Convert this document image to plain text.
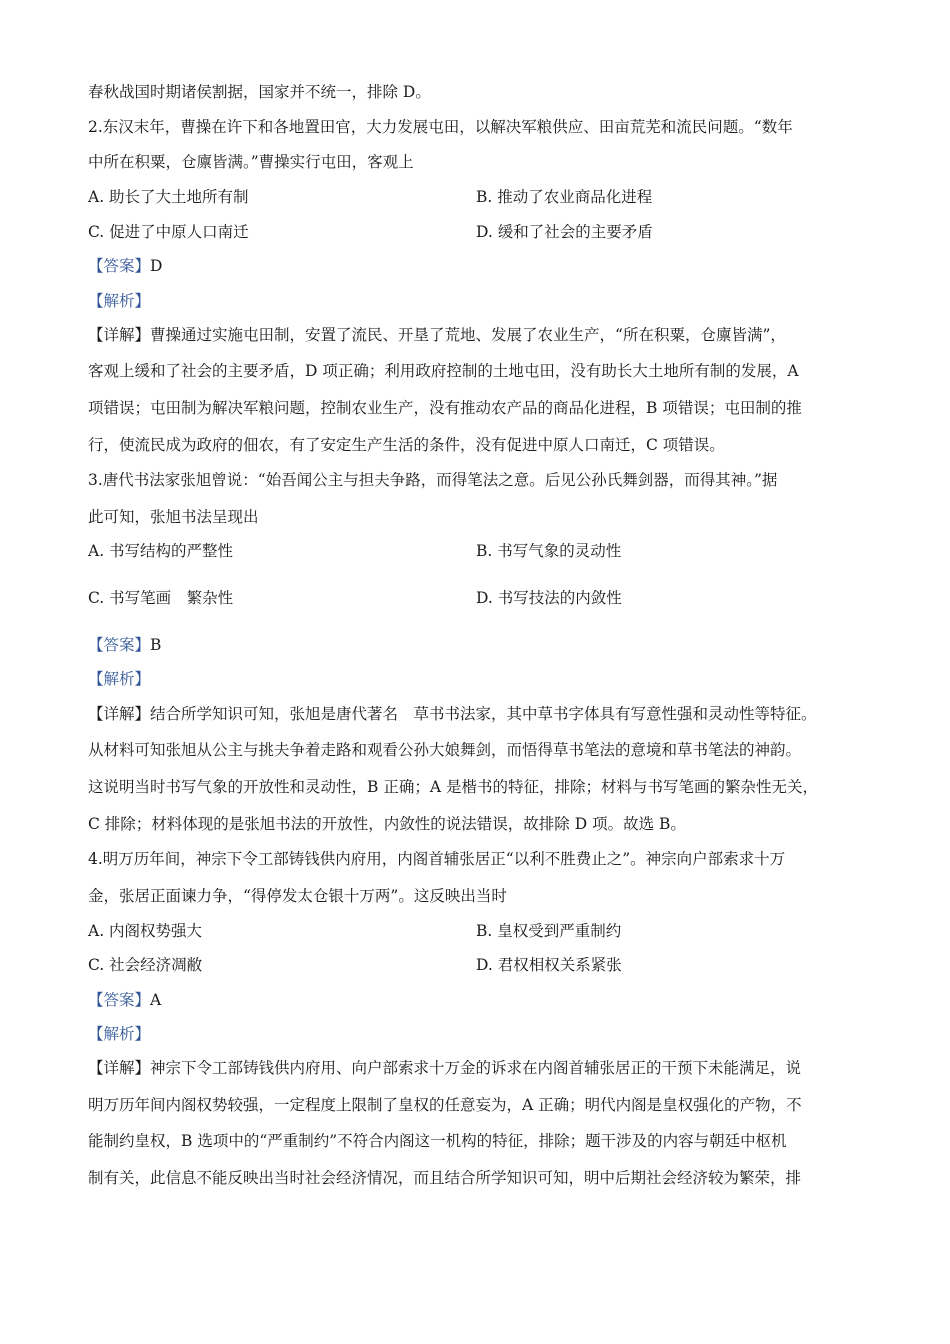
春秋战国时期诸侯割据，国家并不统一，排除 D。
2.东汉末年，曹操在许下和各地置田官，大力发展屯田，以解决军粮供应、田亩荒芜和流民问题。“数年
中所在积粟，仓廪皆满。”曹操实行屯田，客观上
A. 助长了大土地所有制	B. 推动了农业商品化进程
C. 促进了中原人口南迁	D. 缓和了社会的主要矛盾
【答案】D
【解析】
【详解】曹操通过实施屯田制，安置了流民、开垦了荒地、发展了农业生产，“所在积粟，仓廪皆满”，
客观上缓和了社会的主要矛盾，D 项正确；利用政府控制的土地屯田，没有助长大土地所有制的发展，A
项错误；屯田制为解决军粮问题，控制农业生产，没有推动农产品的商品化进程，B 项错误；屯田制的推
行，使流民成为政府的佃农，有了安定生产生活的条件，没有促进中原人口南迁，C 项错误。
3.唐代书法家张旭曾说：“始吾闻公主与担夫争路，而得笔法之意。后见公孙氏舞剑器，而得其神。”据
此可知，张旭书法呈现出
A. 书写结构的严整性	B. 书写气象的灵动性
C. 书写笔画　繁杂性	D. 书写技法的内敛性
【答案】B
【解析】
【详解】结合所学知识可知，张旭是唐代著名　草书书法家，其中草书字体具有写意性强和灵动性等特征。
从材料可知张旭从公主与挑夫争着走路和观看公孙大娘舞剑，而悟得草书笔法的意境和草书笔法的神韵。
这说明当时书写气象的开放性和灵动性，B 正确；A 是楷书的特征，排除；材料与书写笔画的繁杂性无关，
C 排除；材料体现的是张旭书法的开放性，内敛性的说法错误，故排除 D 项。故选 B。
4.明万历年间，神宗下令工部铸钱供内府用，内阁首辅张居正“以利不胜费止之”。神宗向户部索求十万
金，张居正面谏力争，“得停发太仓银十万两”。这反映出当时
A. 内阁权势强大	B. 皇权受到严重制约
C. 社会经济凋敝	D. 君权相权关系紧张
【答案】A
【解析】
【详解】神宗下令工部铸钱供内府用、向户部索求十万金的诉求在内阁首辅张居正的干预下未能满足，说
明万历年间内阁权势较强，一定程度上限制了皇权的任意妄为，A 正确；明代内阁是皇权强化的产物，不
能制约皇权，B 选项中的“严重制约”不符合内阁这一机构的特征，排除；题干涉及的内容与朝廷中枢机
制有关，此信息不能反映出当时社会经济情况，而且结合所学知识可知，明中后期社会经济较为繁荣，排
